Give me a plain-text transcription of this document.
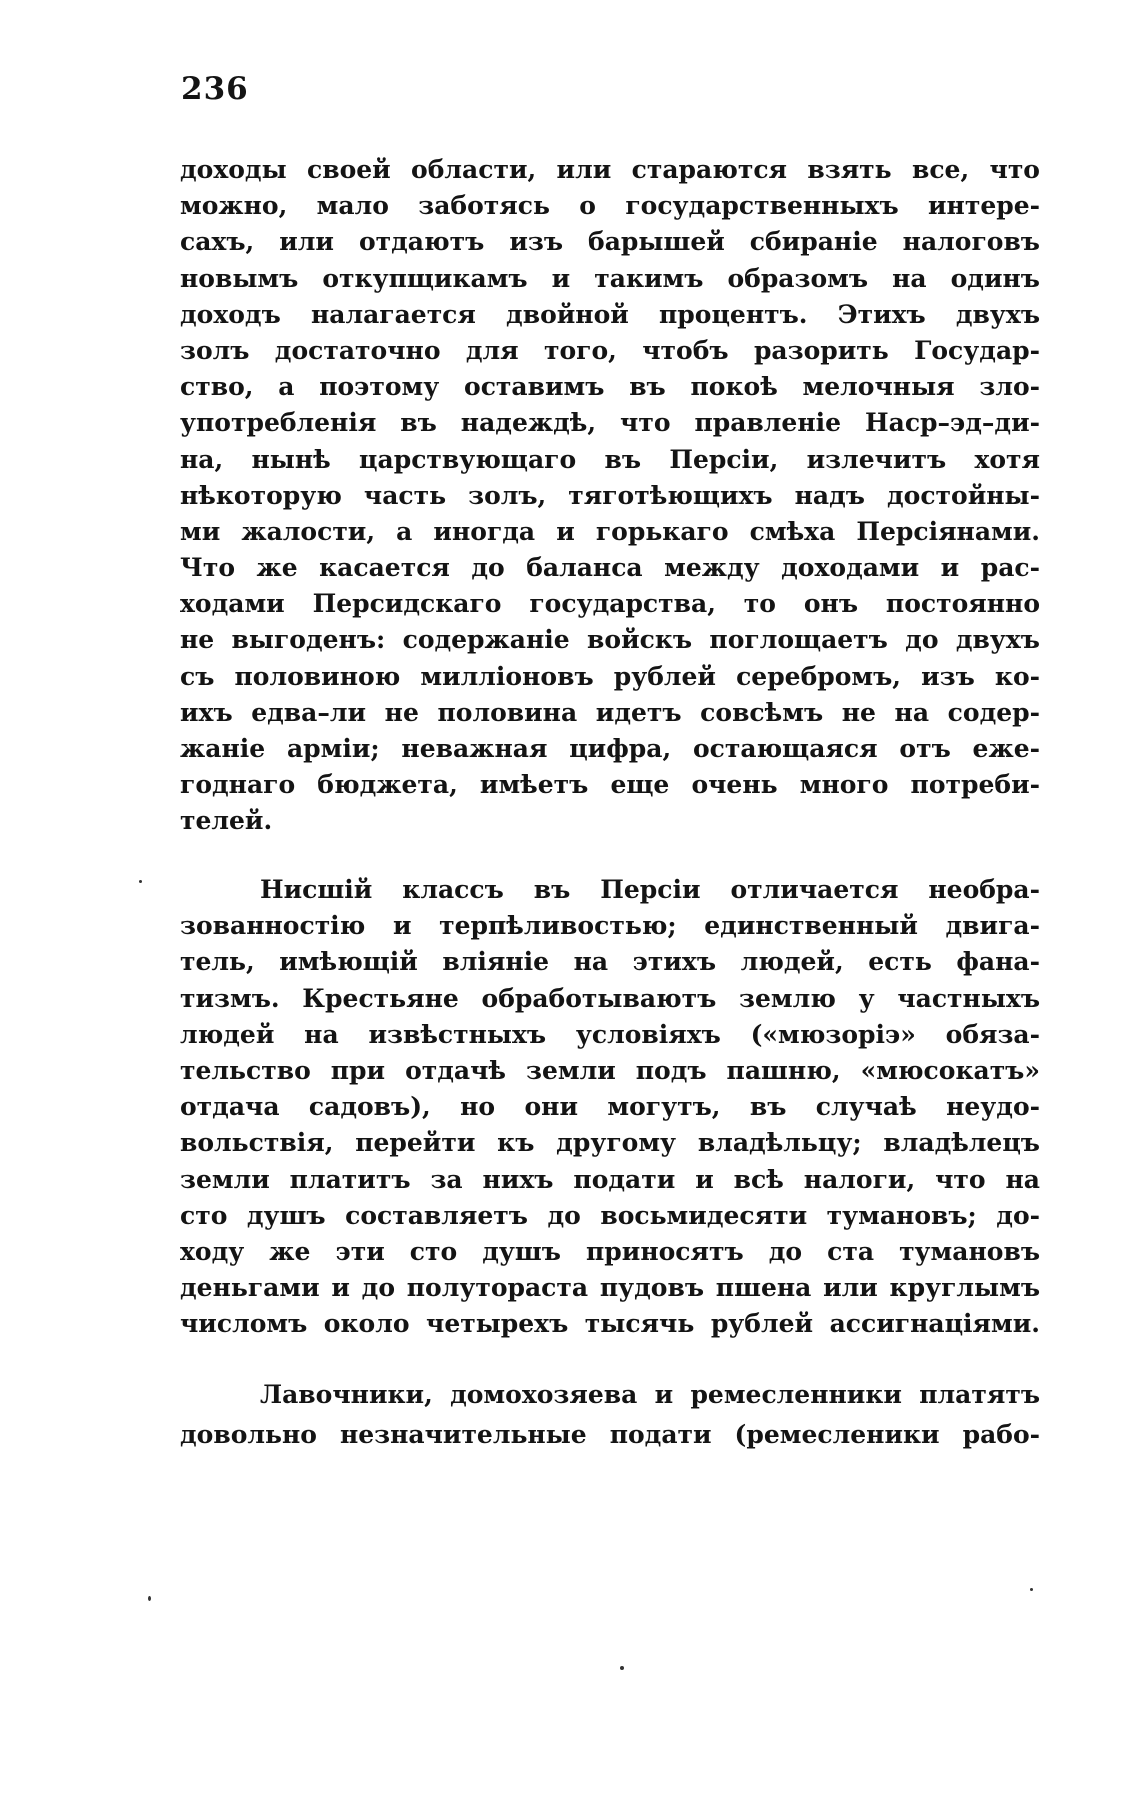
236
доходы своей области, или стараются взять все, что
можно, мало заботясь о государственныхъ интере-
сахъ, или отдаютъ изъ барышей сбираніе налоговъ
новымъ откупщикамъ и такимъ образомъ на одинъ
доходъ налагается двойной процентъ. Этихъ двухъ
золъ достаточно для того, чтобъ разорить Государ-
ство, а поэтому оставимъ въ покоѣ мелочныя зло-
употребленія въ надеждѣ, что правленіе Наср–эд–ди-
на, нынѣ царствующаго въ Персіи, излечитъ хотя
нѣкоторую часть золъ, тяготѣющихъ надъ достойны-
ми жалости, а иногда и горькаго смѣха Персіянами.
Что же касается до баланса между доходами и рас-
ходами Персидскаго государства, то онъ постоянно
не выгоденъ: содержаніе войскъ поглощаетъ до двухъ
съ половиною милліоновъ рублей серебромъ, изъ ко-
ихъ едва–ли не половина идетъ совсѣмъ не на содер-
жаніе арміи; неважная цифра, остающаяся отъ еже-
годнаго бюджета, имѣетъ еще очень много потреби-
телей.
Нисшій классъ въ Персіи отличается необра-
зованностію и терпѣливостью; единственный двига-
тель, имѣющій вліяніе на этихъ людей, есть фана-
тизмъ. Крестьяне обработываютъ землю у частныхъ
людей на извѣстныхъ условіяхъ («мюзоріэ» обяза-
тельство при отдачѣ земли подъ пашню, «мюсокатъ»
отдача садовъ), но они могутъ, въ случаѣ неудо-
вольствія, перейти къ другому владѣльцу; владѣлецъ
земли платитъ за нихъ подати и всѣ налоги, что на
сто душъ составляетъ до восьмидесяти тумановъ; до-
ходу же эти сто душъ приносятъ до ста тумановъ
деньгами и до полутораста пудовъ пшена или круглымъ
числомъ около четырехъ тысячь рублей ассигнаціями.
Лавочники, домохозяева и ремесленники платятъ
довольно незначительные подати (ремесленики рабо-
